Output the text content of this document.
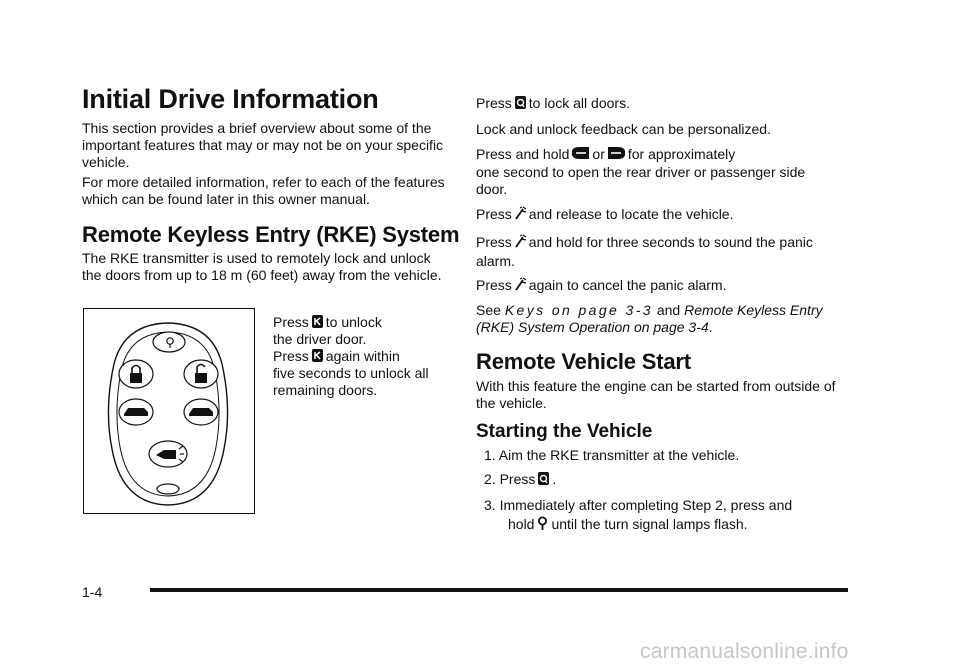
Initial Drive Information

This section provides a brief overview about some of the important features that may or may not be on your specific vehicle.

For more detailed information, refer to each of the features which can be found later in this owner manual.

Remote Keyless Entry (RKE) System

The RKE transmitter is used to remotely lock and unlock the doors from up to 18 m (60 feet) away from the vehicle.

Press to unlock

the driver door.

Press again within

five seconds to unlock all remaining doors.

Press to lock all doors.

Lock and unlock feedback can be personalized.

Press and hold or for approximately

one second to open the rear driver or passenger side door.

Press and release to locate the vehicle.

Press and hold for three seconds to sound the panic

alarm.

Press again to cancel the panic alarm.

See Keys on page 3-3 and Remote Keyless Entry (RKE) System Operation on page 3-4.

Remote Vehicle Start

With this feature the engine can be started from outside of the vehicle.

Starting the Vehicle

1. Aim the RKE transmitter at the vehicle.

2. Press .

3. Immediately after completing Step 2, press and

hold until the turn signal lamps flash.

1-4
carmanualsonline.info
